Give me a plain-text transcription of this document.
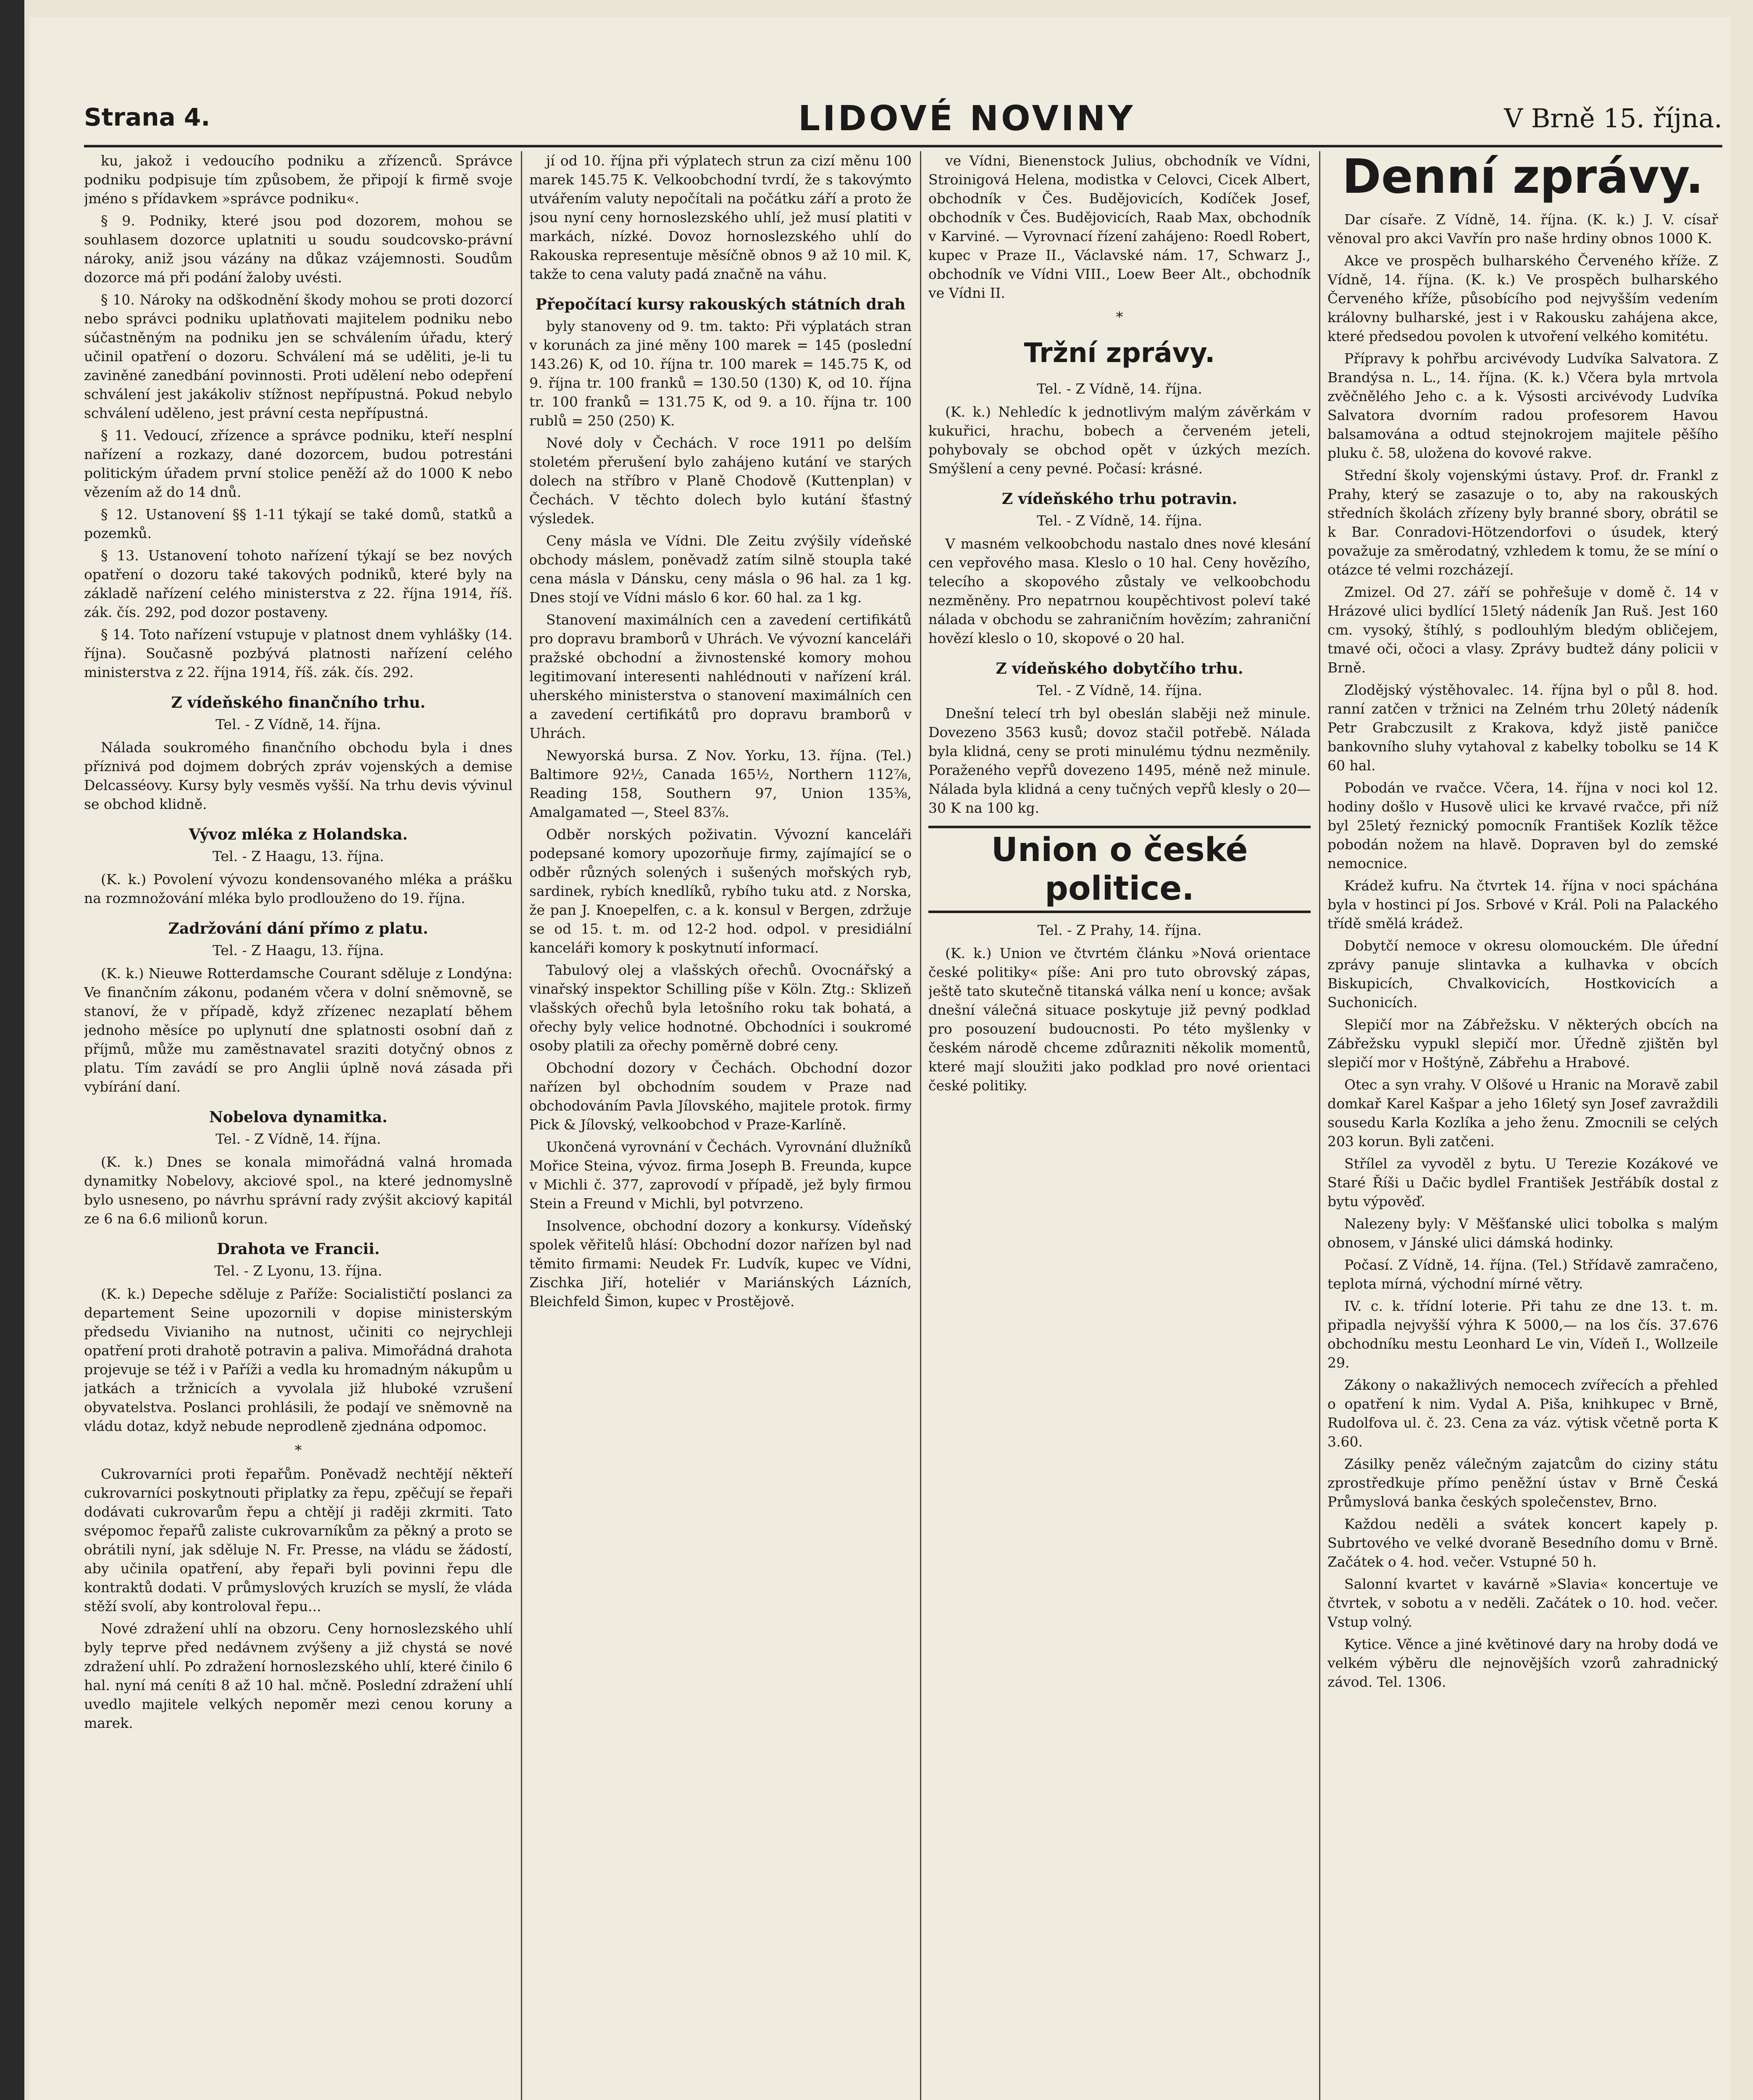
Strana 4.	LIDOVÉ NOVINY	V Brně 15. října.

ku, jakož i vedoucího podniku a zřízenců. Správce podniku podpisuje tím způsobem, že připojí k firmě svoje jméno s přídavkem »správce podniku«.

§ 9. Podniky, které jsou pod dozorem, mohou se souhlasem dozorce uplatniti u soudu soudcovsko-právní nároky, aniž jsou vázány na důkaz vzájemnosti. Soudům dozorce má při podání žaloby uvésti.

§ 10. Nároky na odškodnění škody mohou se proti dozorcí nebo správci podniku uplatňovati majitelem podniku nebo súčastněným na podniku jen se schválením úřadu, který učinil opatření o dozoru. Schválení má se uděliti, je-li tu zaviněné zanedbání povinnosti. Proti udělení nebo odepření schválení jest jakákoliv stížnost nepřípustná. Pokud nebylo schválení uděleno, jest právní cesta nepřípustná.

§ 11. Vedoucí, zřízence a správce podniku, kteří nesplní nařízení a rozkazy, dané dozorcem, budou potrestáni politickým úřadem první stolice peněží až do 1000 K nebo vězením až do 14 dnů.

§ 12. Ustanovení §§ 1-11 týkají se také domů, statků a pozemků.

§ 13. Ustanovení tohoto nařízení týkají se bez nových opatření o dozoru také takových podniků, které byly na základě nařízení celého ministerstva z 22. října 1914, říš. zák. čís. 292, pod dozor postaveny.

§ 14. Toto nařízení vstupuje v platnost dnem vyhlášky (14. října). Současně pozbývá platnosti nařízení celého ministerstva z 22. října 1914, říš. zák. čís. 292.

Z vídeňského finančního trhu.
Tel. - Z Vídně, 14. října.

Nálada soukromého finančního obchodu byla i dnes příznivá pod dojmem dobrých zpráv vojenských a demise Delcasséovy. Kursy byly vesměs vyšší. Na trhu devis vývinul se obchod klidně.

Vývoz mléka z Holandska.
Tel. - Z Haagu, 13. října.

(K. k.) Povolení vývozu kondensovaného mléka a prášku na rozmnožování mléka bylo prodlouženo do 19. října.

Zadržování dání přímo z platu.
Tel. - Z Haagu, 13. října.

(K. k.) Nieuwe Rotterdamsche Courant sděluje z Londýna: Ve finančním zákonu, podaném včera v dolní sněmovně, se stanoví, že v případě, když zřízenec nezaplatí během jednoho měsíce po uplynutí dne splatnosti osobní daň z příjmů, může mu zaměstnavatel sraziti dotyčný obnos z platu. Tím zavádí se pro Anglii úplně nová zásada při vybírání daní.

Nobelova dynamitka.
Tel. - Z Vídně, 14. října.

(K. k.) Dnes se konala mimořádná valná hromada dynamitky Nobelovy, akciové spol., na které jednomyslně bylo usneseno, po návrhu správní rady zvýšit akciový kapitál ze 6 na 6.6 milionů korun.

Drahota ve Francii.
Tel. - Z Lyonu, 13. října.

(K. k.) Depeche sděluje z Paříže: Socialističtí poslanci za departement Seine upozornili v dopise ministerským předsedu Vivianiho na nutnost, učiniti co nejrychleji opatření proti drahotě potravin a paliva. Mimořádná drahota projevuje se též i v Paříži a vedla ku hromadným nákupům u jatkách a tržnicích a vyvolala již hluboké vzrušení obyvatelstva. Poslanci prohlásili, že podají ve sněmovně na vládu dotaz, když nebude neprodleně zjednána odpomoc.

*

Cukrovarníci proti řepařům. Poněvadž nechtějí někteří cukrovarníci poskytnouti připlatky za řepu, zpěčují se řepaři dodávati cukrovarům řepu a chtějí ji raději zkrmiti. Tato svépomoc řepařů zaliste cukrovarníkům za pěkný a proto se obrátili nyní, jak sděluje N. Fr. Presse, na vládu se žádostí, aby učinila opatření, aby řepaři byli povinni řepu dle kontraktů dodati. V průmyslových kruzích se myslí, že vláda stěží svolí, aby kontroloval řepu...

Nové zdražení uhlí na obzoru. Ceny hornoslezského uhlí byly teprve před nedávnem zvýšeny a již chystá se nové zdražení uhlí. Po zdražení hornoslezského uhlí, které činilo 6 hal. nyní má ceníti 8 až 10 hal. mčně. Poslední zdražení uhlí uvedlo majitele velkých nepoměr mezi cenou koruny a marek.

jí od 10. října při výplatech strun za cizí měnu 100 marek 145.75 K. Velkoobchodní tvrdí, že s takovýmto utvářením valuty nepočítali na počátku září a proto že jsou nyní ceny hornoslezského uhlí, jež musí platiti v markách, nízké. Dovoz hornoslezského uhlí do Rakouska representuje měsíčně obnos 9 až 10 mil. K, takže to cena valuty padá značně na váhu.

Přepočítací kursy rakouských státních drah

byly stanoveny od 9. tm. takto: Při výplatách stran v korunách za jiné měny 100 marek = 145 (poslední 143.26) K, od 10. října tr. 100 marek = 145.75 K, od 9. října tr. 100 franků = 130.50 (130) K, od 10. října tr. 100 franků = 131.75 K, od 9. a 10. října tr. 100 rublů = 250 (250) K.

Nové doly v Čechách. V roce 1911 po delším stoletém přerušení bylo zahájeno kutání ve starých dolech na stříbro v Planě Chodově (Kuttenplan) v Čechách. V těchto dolech bylo kutání šťastný výsledek.

Ceny másla ve Vídni. Dle Zeitu zvýšily vídeňské obchody máslem, poněvadž zatím silně stoupla také cena másla v Dánsku, ceny másla o 96 hal. za 1 kg. Dnes stojí ve Vídni máslo 6 kor. 60 hal. za 1 kg.

Stanovení maximálních cen a zavedení certifikátů pro dopravu bramborů v Uhrách. Ve vývozní kanceláři pražské obchodní a živnostenské komory mohou legitimovaní interesenti nahlédnouti v nařízení král. uherského ministerstva o stanovení maximálních cen a zavedení certifikátů pro dopravu bramborů v Uhrách.

Newyorská bursa. Z Nov. Yorku, 13. října. (Tel.) Baltimore 92½, Canada 165½, Northern 112⅞, Reading 158, Southern 97, Union 135⅜, Amalgamated —, Steel 83⅞.

Odběr norských poživatin. Vývozní kanceláři podepsané komory upozorňuje firmy, zajímající se o odběr různých solených i sušených mořských ryb, sardinek, rybích knedlíků, rybího tuku atd. z Norska, že pan J. Knoepelfen, c. a k. konsul v Bergen, zdržuje se od 15. t. m. od 12-2 hod. odpol. v presidiální kanceláři komory k poskytnutí informací.

Tabulový olej a vlašských ořechů. Ovocnářský a vinařský inspektor Schilling píše v Köln. Ztg.: Sklizeň vlašských ořechů byla letošního roku tak bohatá, a ořechy byly velice hodnotné. Obchodníci i soukromé osoby platili za ořechy poměrně dobré ceny.

Obchodní dozory v Čechách. Obchodní dozor nařízen byl obchodním soudem v Praze nad obchodováním Pavla Jílovského, majitele protok. firmy Pick & Jílovský, velkoobchod v Praze-Karlíně.

Ukončená vyrovnání v Čechách. Vyrovnání dlužníků Mořice Steina, vývoz. firma Joseph B. Freunda, kupce v Michli č. 377, zaprovodí v případě, jež byly firmou Stein a Freund v Michli, byl potvrzeno.

Insolvence, obchodní dozory a konkursy. Vídeňský spolek věřitelů hlásí: Obchodní dozor nařízen byl nad těmito firmami: Neudek Fr. Ludvík, kupec ve Vídni, Zischka Jiří, hoteliér v Mariánských Lázních, Bleichfeld Šimon, kupec v Prostějově.

ve Vídni, Bienenstock Julius, obchodník ve Vídni, Stroinigová Helena, modistka v Celovci, Cicek Albert, obchodník v Čes. Budějovicích, Kodíček Josef, obchodník v Čes. Budějovicích, Raab Max, obchodník v Karviné. — Vyrovnací řízení zahájeno: Roedl Robert, kupec v Praze II., Václavské nám. 17, Schwarz J., obchodník ve Vídni VIII., Loew Beer Alt., obchodník ve Vídni II.

*
Tržní zprávy.
Tel. - Z Vídně, 14. října.

(K. k.) Nehledíc k jednotlivým malým závěrkám v kukuřici, hrachu, bobech a červeném jeteli, pohybovaly se obchod opět v úzkých mezích. Smýšlení a ceny pevné. Počasí: krásné.

Z vídeňského trhu potravin.
Tel. - Z Vídně, 14. října.

V masném velkoobchodu nastalo dnes nové klesání cen vepřového masa. Kleslo o 10 hal. Ceny hovězího, telecího a skopového zůstaly ve velkoobchodu nezměněny. Pro nepatrnou koupěchtivost poleví také nálada v obchodu se zahraničním hovězím; zahraniční hovězí kleslo o 10, skopové o 20 hal.

Z vídeňského dobytčího trhu.
Tel. - Z Vídně, 14. října.

Dnešní telecí trh byl obeslán slaběji než minule. Dovezeno 3563 kusů; dovoz stačil potřebě. Nálada byla klidná, ceny se proti minulému týdnu nezměnily. Poraženého vepřů dovezeno 1495, méně než minule. Nálada byla klidná a ceny tučných vepřů klesly o 20—30 K na 100 kg.

Union o české politice.
Tel. - Z Prahy, 14. října.

(K. k.) Union ve čtvrtém článku »Nová orientace české politiky« píše: Ani pro tuto obrovský zápas, ještě tato skutečně titanská válka není u konce; avšak dnešní válečná situace poskytuje již pevný podklad pro posouzení budoucnosti. Po této myšlenky v českém národě chceme zdůrazniti několik momentů, které mají sloužiti jako podklad pro nové orientaci české politiky.

Denní zprávy.

Dar císaře. Z Vídně, 14. října. (K. k.) J. V. císař věnoval pro akci Vavřín pro naše hrdiny obnos 1000 K.

Akce ve prospěch bulharského Červeného kříže. Z Vídně, 14. října. (K. k.) Ve prospěch bulharského Červeného kříže, působícího pod nejvyšším vedením královny bulharské, jest i v Rakousku zahájena akce, které předsedou povolen k utvoření velkého komitétu.

Přípravy k pohřbu arcivévody Ludvíka Salvatora. Z Brandýsa n. L., 14. října. (K. k.) Včera byla mrtvola zvěčnělého Jeho c. a k. Výsosti arcivévody Ludvíka Salvatora dvorním radou profesorem Havou balsamována a odtud stejnokrojem majitele pěšího pluku č. 58, uložena do kovové rakve.

Střední školy vojenskými ústavy. Prof. dr. Frankl z Prahy, který se zasazuje o to, aby na rakouských středních školách zřízeny byly branné sbory, obrátil se k Bar. Conradovi-Hötzendorfovi o úsudek, který považuje za směrodatný, vzhledem k tomu, že se míní o otázce té velmi rozcházejí.

Zmizel. Od 27. září se pohřešuje v domě č. 14 v Hrázové ulici bydlící 15letý nádeník Jan Ruš. Jest 160 cm. vysoký, štíhlý, s podlouhlým bledým obličejem, tmavé oči, očoci a vlasy. Zprávy budtež dány policii v Brně.

Zlodějský výstěhovalec. 14. října byl o půl 8. hod. ranní zatčen v tržnici na Zelném trhu 20letý nádeník Petr Grabczusilt z Krakova, když jistě paničce bankovního sluhy vytahoval z kabelky tobolku se 14 K 60 hal.

Pobodán ve rvačce. Včera, 14. října v noci kol 12. hodiny došlo v Husově ulici ke krvavé rvačce, při níž byl 25letý řeznický pomocník František Kozlík těžce pobodán nožem na hlavě. Dopraven byl do zemské nemocnice.

Krádež kufru. Na čtvrtek 14. října v noci spáchána byla v hostinci pí Jos. Srbové v Král. Poli na Palackého třídě smělá krádež.

Dobytčí nemoce v okresu olomouckém. Dle úřední zprávy panuje slintavka a kulhavka v obcích Biskupicích, Chvalkovicích, Hostkovicích a Suchonicích.

Slepičí mor na Zábřežsku. V některých obcích na Zábřežsku vypukl slepičí mor. Úředně zjištěn byl slepičí mor v Hoštýně, Zábřehu a Hrabové.

Otec a syn vrahy. V Olšové u Hranic na Moravě zabil domkař Karel Kašpar a jeho 16letý syn Josef zavraždili sousedu Karla Kozlíka a jeho ženu. Zmocnili se celých 203 korun. Byli zatčeni.

Střílel za vyvoděl z bytu. U Terezie Kozákové ve Staré Říši u Dačic bydlel František Jestřábík dostal z bytu výpověď.

Nalezeny byly: V Měšťanské ulici tobolka s malým obnosem, v Jánské ulici dámská hodinky.

Počasí. Z Vídně, 14. října. (Tel.) Střídavě zamračeno, teplota mírná, východní mírné větry.

IV. c. k. třídní loterie. Při tahu ze dne 13. t. m. připadla nejvyšší výhra K 5000,— na los čís. 37.676 obchodníku mestu Leonhard Le vin, Vídeň I., Wollzeile 29.

Zákony o nakažlivých nemocech zvířecích a přehled o opatření k nim. Vydal A. Piša, knihkupec v Brně, Rudolfova ul. č. 23. Cena za váz. výtisk včetně porta K 3.60.

Zásilky peněz válečným zajatcům do ciziny státu zprostředkuje přímo peněžní ústav v Brně Česká Průmyslová banka českých společenstev, Brno.

Každou neděli a svátek koncert kapely p. Subrtového ve velké dvoraně Besedního domu v Brně. Začátek o 4. hod. večer. Vstupné 50 h.

Salonní kvartet v kavárně »Slavia« koncertuje ve čtvrtek, v sobotu a v neděli. Začátek o 10. hod. večer. Vstup volný.

Kytice. Věnce a jiné květinové dary na hroby dodá ve velkém výběru dle nejnovějších vzorů zahradnický závod. Tel. 1306.
